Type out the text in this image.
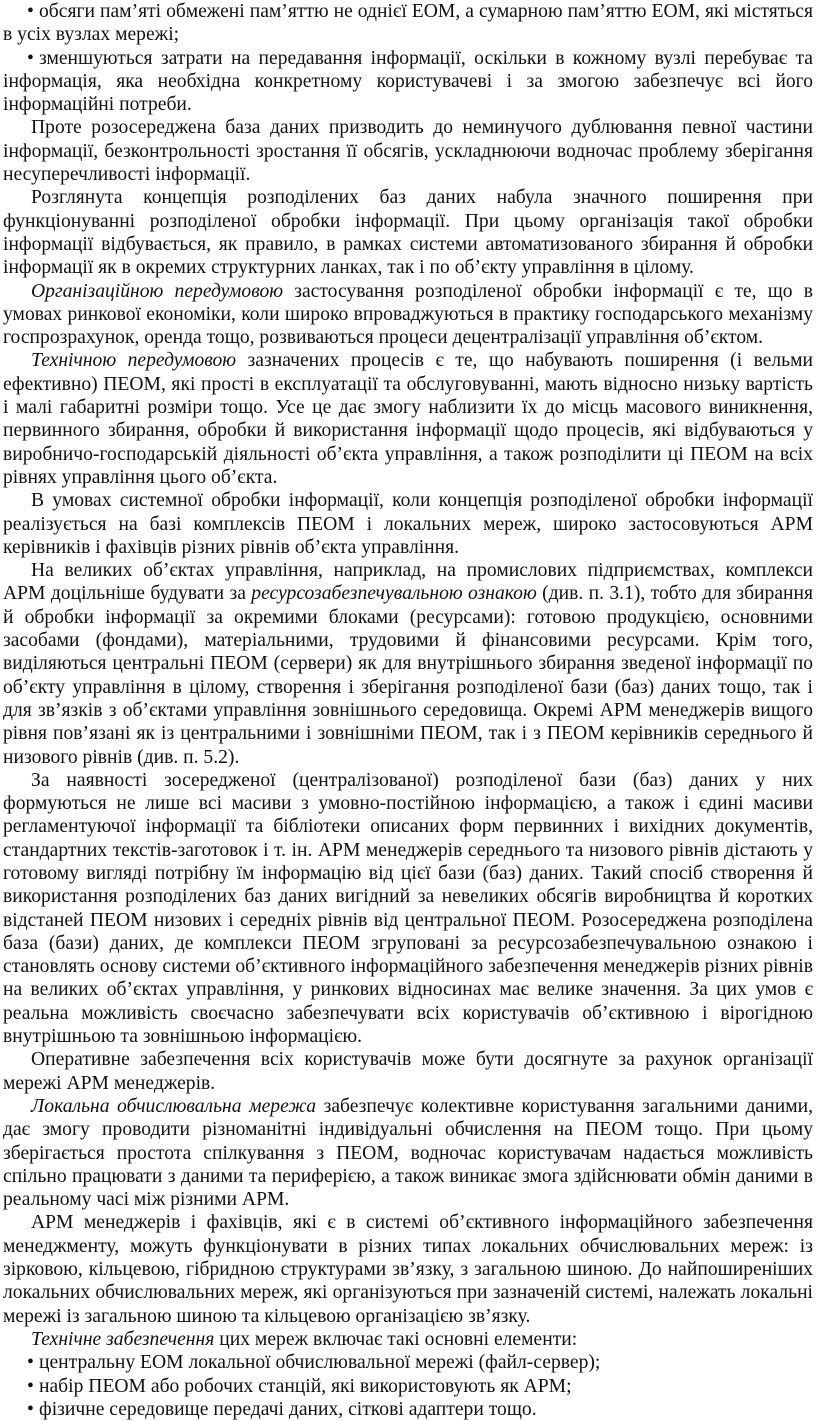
• обсяги пам’яті обмежені пам’яттю не однієї ЕОМ, а сумарною пам’яттю ЕОМ, які містяться в усіх вузлах мережі;

• зменшуються затрати на передавання інформації, оскільки в кожному вузлі перебуває та інформація, яка необхідна конкретному користувачеві і за змогою забезпечує всі його інформаційні потреби.

Проте розосереджена база даних призводить до неминучого дублювання певної частини інформації, безконтрольності зростання її обсягів, ускладнюючи водночас проблему зберігання несуперечливості інформації.

Розглянута концепція розподілених баз даних набула значного поширення при функціонуванні розподіленої обробки інформації. При цьому організація такої обробки інформації відбувається, як правило, в рамках системи автоматизованого збирання й обробки інформації як в окремих структурних ланках, так і по об’єкту управління в цілому.

Організаційною передумовою застосування розподіленої обробки інформації є те, що в умовах ринкової економіки, коли широко впроваджуються в практику господарського механізму госпрозрахунок, оренда тощо, розвиваються процеси децентралізації управління об’єктом.

Технічною передумовою зазначених процесів є те, що набувають поширення (і вельми ефективно) ПЕОМ, які прості в експлуатації та обслуговуванні, мають відносно низьку вартість і малі габаритні розміри тощо. Усе це дає змогу наблизити їх до місць масового виникнення, первинного збирання, обробки й використання інформації щодо процесів, які відбуваються у виробничо-господарській діяльності об’єкта управління, а також розподілити ці ПЕОМ на всіх рівнях управління цього об’єкта.

В умовах системної обробки інформації, коли концепція розподіленої обробки інформації реалізується на базі комплексів ПЕОМ і локальних мереж, широко застосовуються АРМ керівників і фахівців різних рівнів об’єкта управління.

На великих об’єктах управління, наприклад, на промислових підприємствах, комплекси АРМ доцільніше будувати за ресурсозабезпечувальною ознакою (див. п. 3.1), тобто для збирання й обробки інформації за окремими блоками (ресурсами): готовою продукцією, основними засобами (фондами), матеріальними, трудовими й фінансовими ресурсами. Крім того, виділяються центральні ПЕОМ (сервери) як для внутрішнього збирання зведеної інформації по об’єкту управління в цілому, створення і зберігання розподіленої бази (баз) даних тощо, так і для зв’язків з об’єктами управління зовнішнього середовища. Окремі АРМ менеджерів вищого рівня пов’язані як із центральними і зовнішніми ПЕОМ, так і з ПЕОМ керівників середнього й низового рівнів (див. п. 5.2).

За наявності зосередженої (централізованої) розподіленої бази (баз) даних у них формуються не лише всі масиви з умовно-постійною інформацією, а також і єдині масиви регламентуючої інформації та бібліотеки описаних форм первинних і вихідних документів, стандартних текстів-заготовок і т. ін. АРМ менеджерів середнього та низового рівнів дістають у готовому вигляді потрібну їм інформацію від цієї бази (баз) даних. Такий спосіб створення й використання розподілених баз даних вигідний за невеликих обсягів виробництва й коротких відстаней ПЕОМ низових і середніх рівнів від центральної ПЕОМ. Розосереджена розподілена база (бази) даних, де комплекси ПЕОМ згруповані за ресурсозабезпечувальною ознакою і становлять основу системи об’єктивного інформаційного забезпечення менеджерів різних рівнів на великих об’єктах управління, у ринкових відносинах має велике значення. За цих умов є реальна можливість своєчасно забезпечувати всіх користувачів об’єктивною і вірогідною внутрішньою та зовнішньою інформацією.

Оперативне забезпечення всіх користувачів може бути досягнуте за рахунок організації мережі АРМ менеджерів.

Локальна обчислювальна мережа забезпечує колективне користування загальними даними, дає змогу проводити різноманітні індивідуальні обчислення на ПЕОМ тощо. При цьому зберігається простота спілкування з ПЕОМ, водночас користувачам надається можливість спільно працювати з даними та периферією, а також виникає змога здійснювати обмін даними в реальному часі між різними АРМ.

АРМ менеджерів і фахівців, які є в системі об’єктивного інформаційного забезпечення менеджменту, можуть функціонувати в різних типах локальних обчислювальних мереж: із зірковою, кільцевою, гібридною структурами зв’язку, з загальною шиною. До найпоширеніших локальних обчислювальних мереж, які організуються при зазначеній системі, належать локальні мережі із загальною шиною та кільцевою організацією зв’язку.

Технічне забезпечення цих мереж включає такі основні елементи:

• центральну ЕОМ локальної обчислювальної мережі (файл-сервер);

• набір ПЕОМ або робочих станцій, які використовують як АРМ;

• фізичне середовище передачі даних, сіткові адаптери тощо.
